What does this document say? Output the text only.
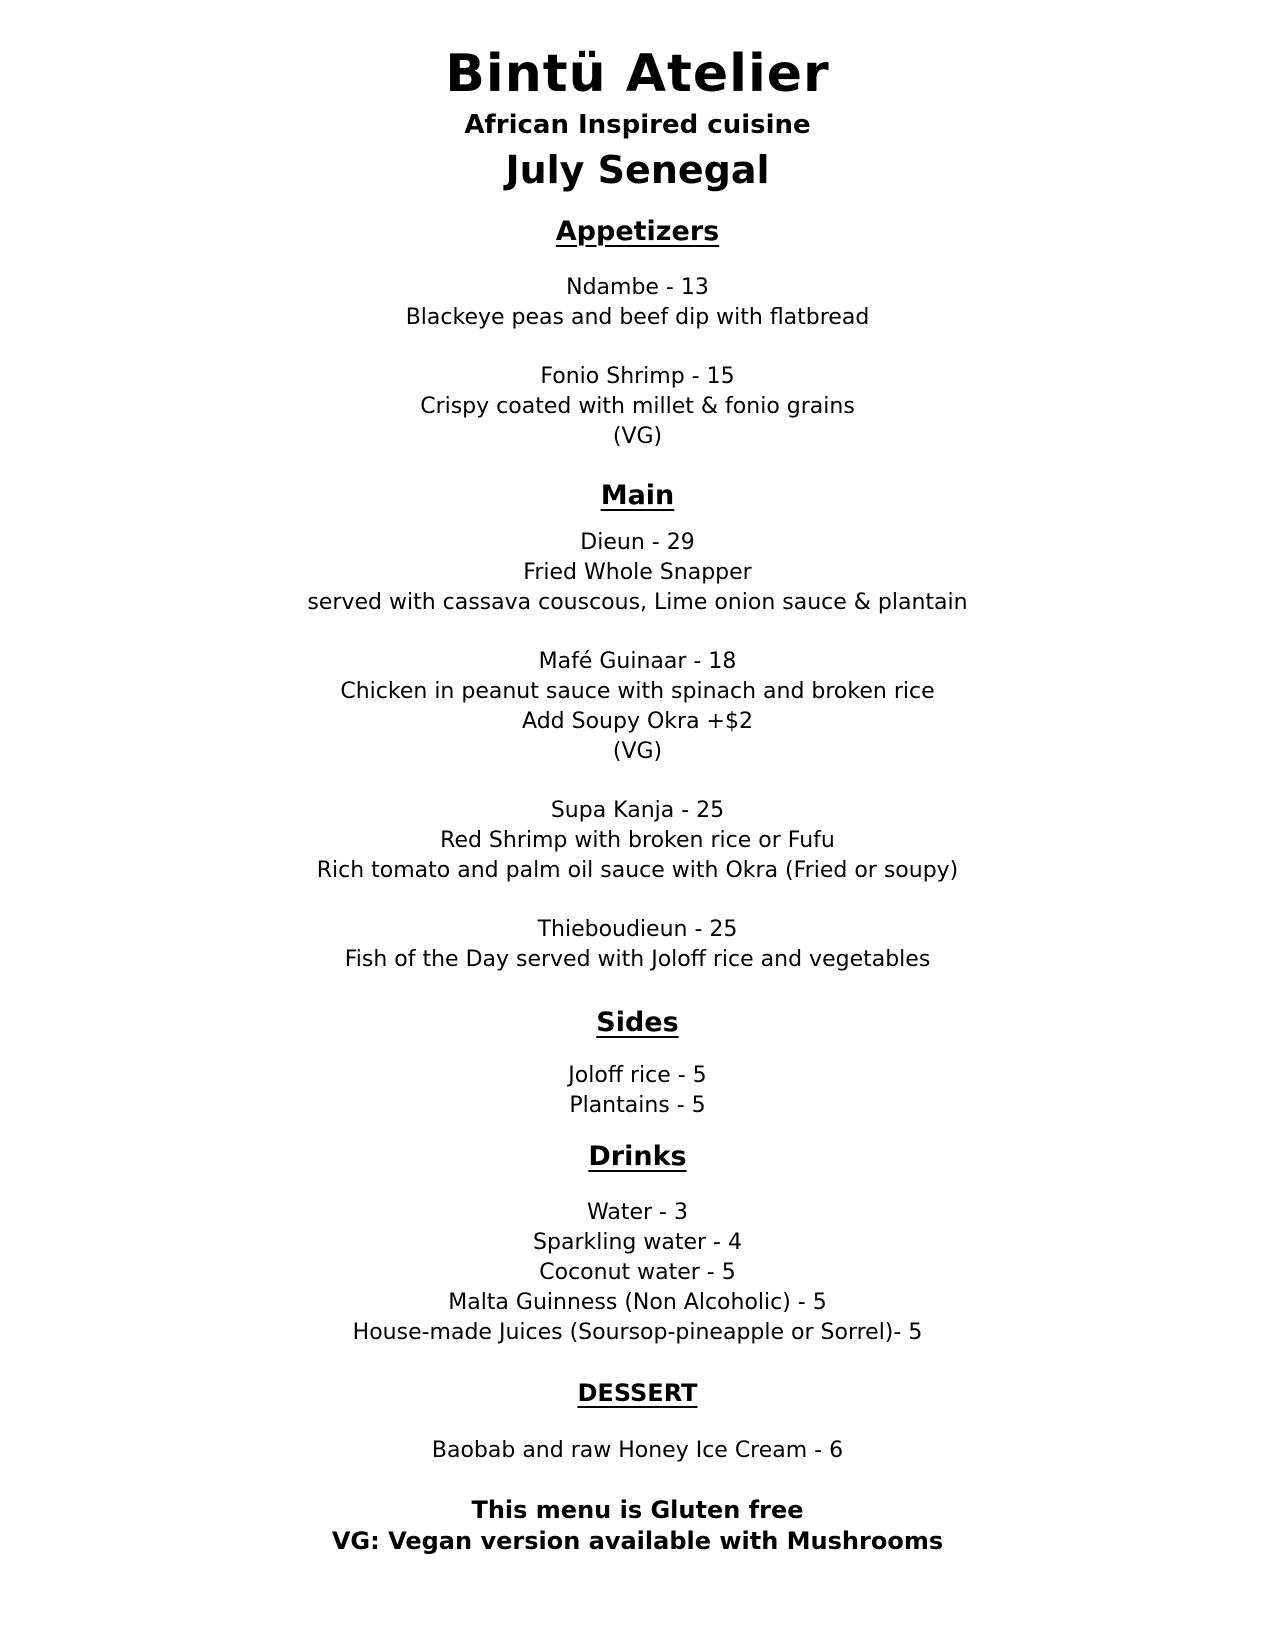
Bintü Atelier
African Inspired cuisine
July Senegal
Appetizers
Ndambe - 13
Blackeye peas and beef dip with flatbread
Fonio Shrimp - 15
Crispy coated with millet & fonio grains
(VG)
Main
Dieun - 29
Fried Whole Snapper
served with cassava couscous, Lime onion sauce & plantain
Mafé Guinaar - 18
Chicken in peanut sauce with spinach and broken rice
Add Soupy Okra +$2
(VG)
Supa Kanja - 25
Red Shrimp with broken rice or Fufu
Rich tomato and palm oil sauce with Okra (Fried or soupy)
Thieboudieun - 25
Fish of the Day served with Joloff rice and vegetables
Sides
Joloff rice - 5
Plantains - 5
Drinks
Water - 3
Sparkling water - 4
Coconut water - 5
Malta Guinness (Non Alcoholic) - 5
House-made Juices (Soursop-pineapple or Sorrel)- 5
DESSERT
Baobab and raw Honey Ice Cream - 6
This menu is Gluten free
VG: Vegan version available with Mushrooms
